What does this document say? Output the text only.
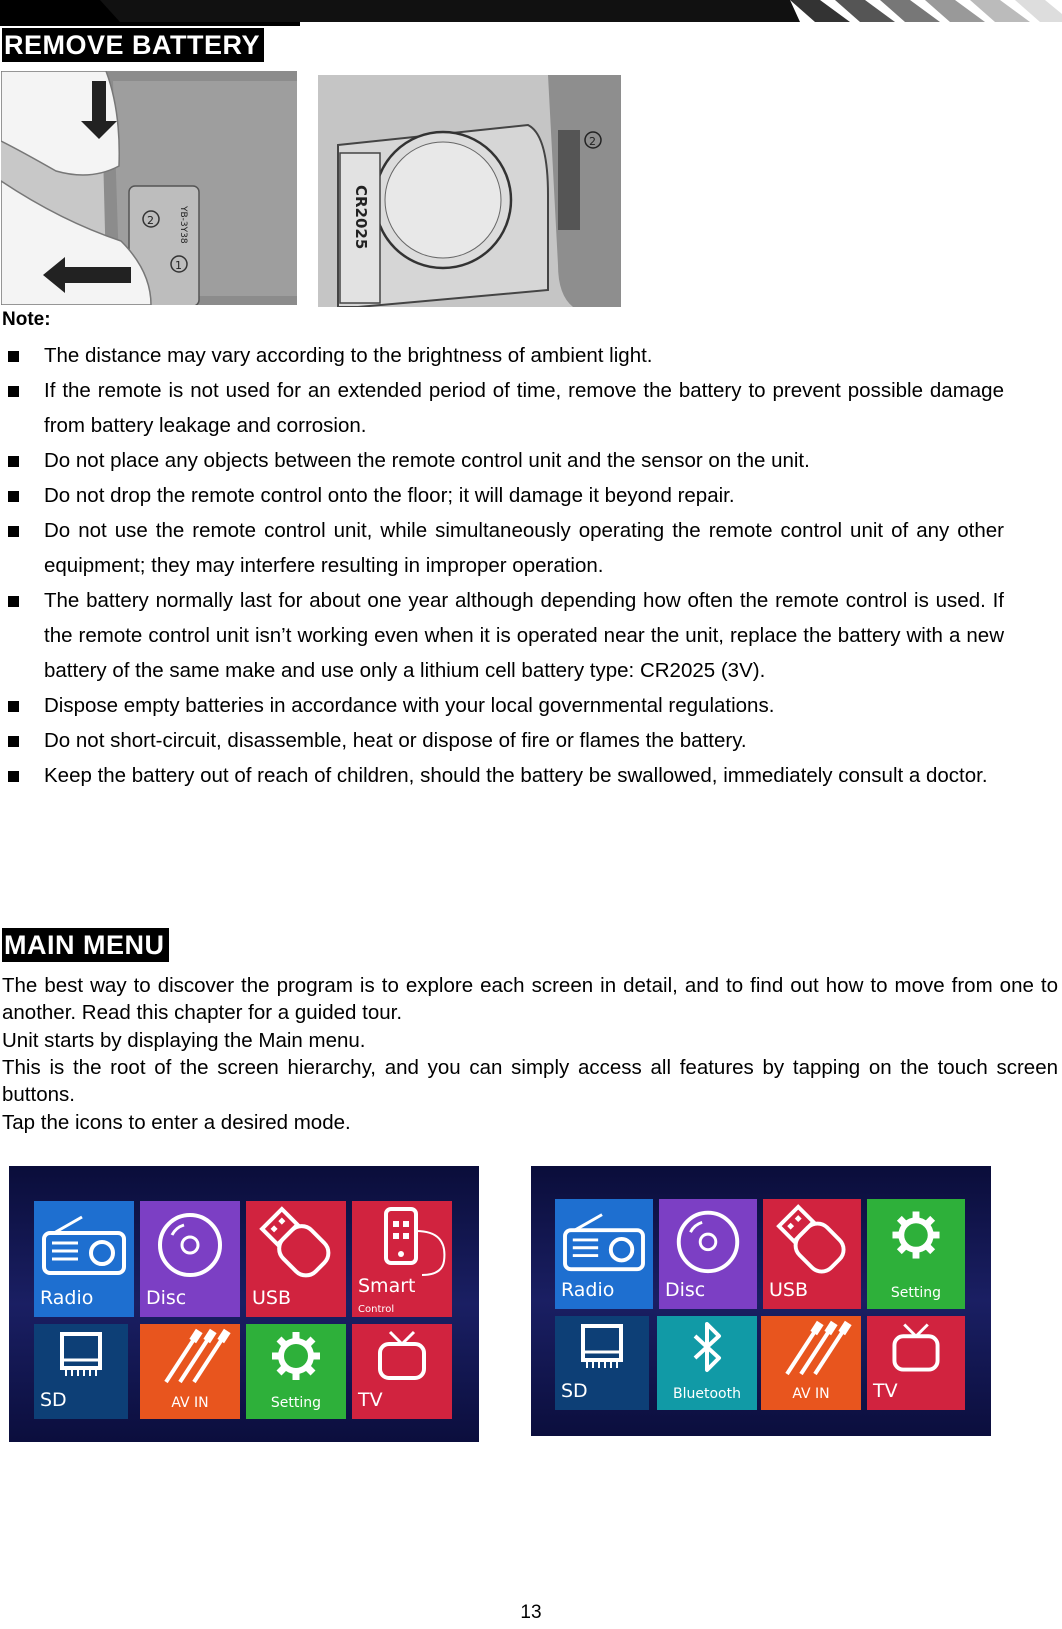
REMOVE BATTERY
2
1
YB-3Y38	CR2025
2
Note:
The distance may vary according to the brightness of ambient light.
If the remote is not used for an extended period of time, remove the battery to prevent possible damage from battery leakage and corrosion.
Do not place any objects between the remote control unit and the sensor on the unit.
Do not drop the remote control onto the floor; it will damage it beyond repair.
Do not use the remote control unit, while simultaneously operating the remote control unit of any other equipment; they may interfere resulting in improper operation.
The battery normally last for about one year although depending how often the remote control is used. If the remote control unit isn’t working even when it is operated near the unit, replace the battery with a new battery of the same make and use only a lithium cell battery type: CR2025 (3V).
Dispose empty batteries in accordance with your local governmental regulations.
Do not short-circuit, disassemble, heat or dispose of fire or flames the battery.
Keep the battery out of reach of children, should the battery be swallowed, immediately consult a doctor.
MAIN MENU

The best way to discover the program is to explore each screen in detail, and to find out how to move from one to another. Read this chapter for a guided tour.

Unit starts by displaying the Main menu.

This is the root of the screen hierarchy, and you can simply access all features by tapping on the touch screen buttons.

Tap the icons to enter a desired mode.

Radio	Disc	USB
Smart
Control
SD	AV IN	Setting	TV
Radio	Disc	USB	Setting
SD	Bluetooth	AV IN	TV
13
